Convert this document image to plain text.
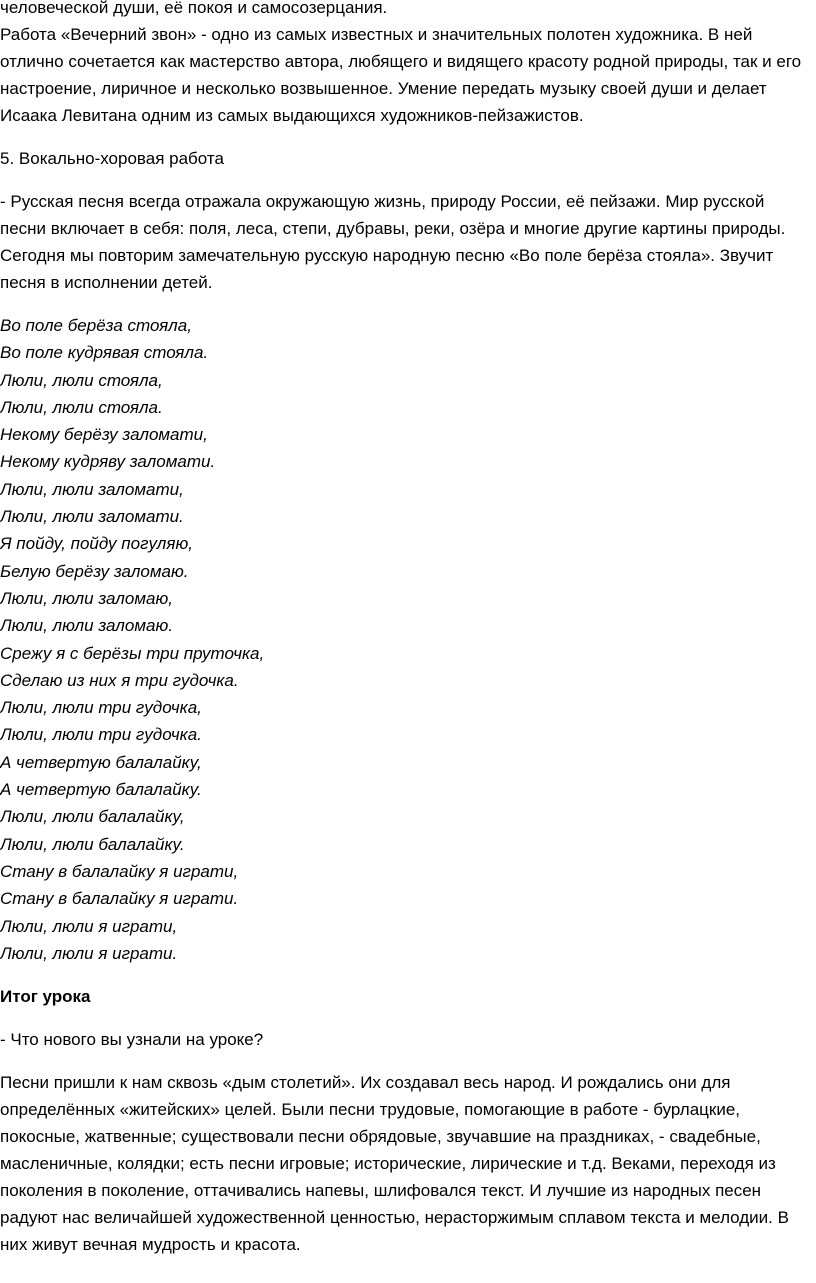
человеческой души, её покоя и самосозерцания.

Работа «Вечерний звон» - одно из самых известных и значительных полотен художника. В ней отлично сочетается как мастерство автора, любящего и видящего красоту родной природы, так и его настроение, лиричное и несколько возвышенное. Умение передать музыку своей души и делает Исаака Левитана одним из самых выдающихся художников-пейзажистов.

5. Вокально-хоровая работа

- Русская песня всегда отражала окружающую жизнь, природу России, её пейзажи. Мир русской песни включает в себя: поля, леса, степи, дубравы, реки, озёра и многие другие картины природы. Сегодня мы повторим замечательную русскую народную песню «Во поле берёза стояла». Звучит песня в исполнении детей.

Во поле берёза стояла,

Во поле кудрявая стояла.

Люли, люли стояла,

Люли, люли стояла.

Некому берёзу заломати,

Некому кудряву заломати.

Люли, люли заломати,

Люли, люли заломати.

Я пойду, пойду погуляю,

Белую берёзу заломаю.

Люли, люли заломаю,

Люли, люли заломаю.

Срежу я с берёзы три пруточка,

Сделаю из них я три гудочка.

Люли, люли три гудочка,

Люли, люли три гудочка.

А четвертую балалайку,

А четвертую балалайку.

Люли, люли балалайку,

Люли, люли балалайку.

Стану в балалайку я играти,

Стану в балалайку я играти.

Люли, люли я играти,

Люли, люли я играти.

Итог урока

- Что нового вы узнали на уроке?

Песни пришли к нам сквозь «дым столетий». Их создавал весь народ. И рождались они для определённых «житейских» целей. Были песни трудовые, помогающие в работе - бурлацкие, покосные, жатвенные; существовали песни обрядовые, звучавшие на праздниках, - свадебные, масленичные, колядки; есть песни игровые; исторические, лирические и т.д. Веками, переходя из поколения в поколение, оттачивались напевы, шлифовался текст. И лучшие из народных песен радуют нас величайшей художественной ценностью, нерасторжимым сплавом текста и мелодии. В них живут вечная мудрость и красота.
